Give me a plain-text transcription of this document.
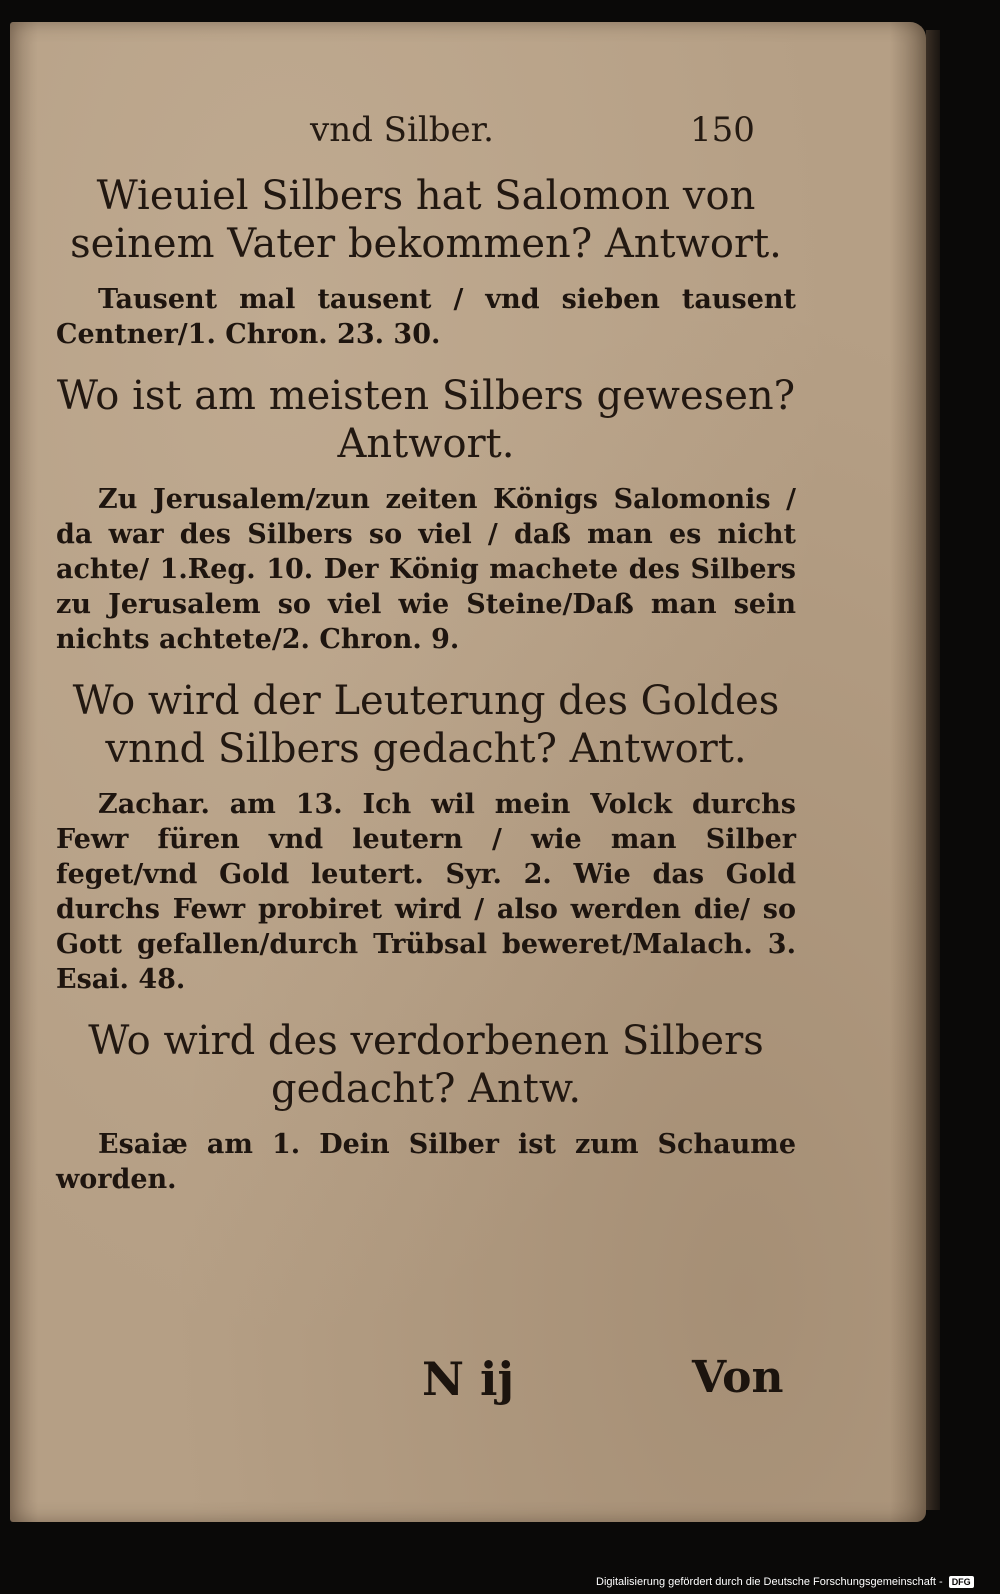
vnd Silber.	150
Wieuiel Silbers hat Salomon von seinem Vater bekommen? Antwort.
Tausent mal tausent / vnd sieben tausent Centner/1. Chron. 23. 30.
Wo ist am meisten Silbers gewesen? Antwort.
Zu Jerusalem/zun zeiten Königs Salomonis / da war des Silbers so viel / daß man es nicht achte/ 1.Reg. 10. Der König machete des Silbers zu Jerusalem so viel wie Steine/Daß man sein nichts achtete/2. Chron. 9.
Wo wird der Leuterung des Goldes vnnd Silbers gedacht? Antwort.
Zachar. am 13. Ich wil mein Volck durchs Fewr füren vnd leutern / wie man Silber feget/vnd Gold leutert. Syr. 2. Wie das Gold durchs Fewr probiret wird / also werden die/ so Gott gefallen/durch Trübsal beweret/Malach. 3. Esai. 48.
Wo wird des verdorbenen Silbers gedacht? Antw.
Esaiæ am 1. Dein Silber ist zum Schaume worden.
N ij	Von
Digitalisierung gefördert durch die Deutsche Forschungsgemeinschaft -	DFG
